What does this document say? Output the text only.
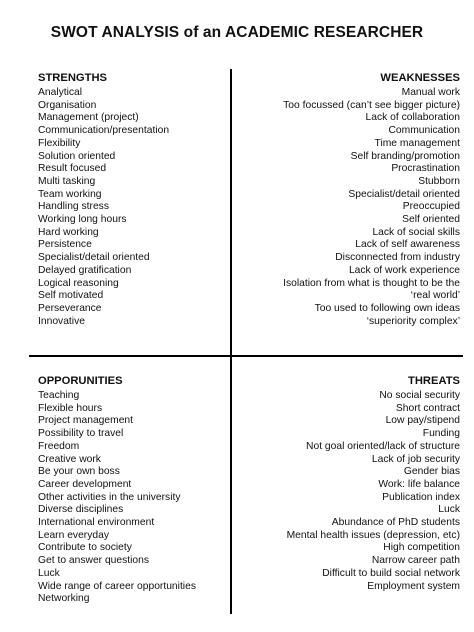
SWOT ANALYSIS of an ACADEMIC RESEARCHER
STRENGTHS
Analytical
Organisation
Management (project)
Communication/presentation
Flexibility
Solution oriented
Result focused
Multi tasking
Team working
Handling stress
Working long hours
Hard working
Persistence
Specialist/detail oriented
Delayed gratification
Logical reasoning
Self motivated
Perseverance
Innovative
WEAKNESSES
Manual work
Too focussed (can’t see bigger picture)
Lack of collaboration
Communication
Time management
Self branding/promotion
Procrastination
Stubborn
Specialist/detail oriented
Preoccupied
Self oriented
Lack of social skills
Lack of self awareness
Disconnected from industry
Lack of work experience
Isolation from what is thought to be the
‘real world’
Too used to following own ideas
‘superiority complex’
OPPORUNITIES
Teaching
Flexible hours
Project management
Possibility to travel
Freedom
Creative work
Be your own boss
Career development
Other activities in the university
Diverse disciplines
International environment
Learn everyday
Contribute to society
Get to answer questions
Luck
Wide range of career opportunities
Networking
THREATS
No social security
Short contract
Low pay/stipend
Funding
Not goal oriented/lack of structure
Lack of job security
Gender bias
Work: life balance
Publication index
Luck
Abundance of PhD students
Mental health issues (depression, etc)
High competition
Narrow career path
Difficult to build social network
Employment system
